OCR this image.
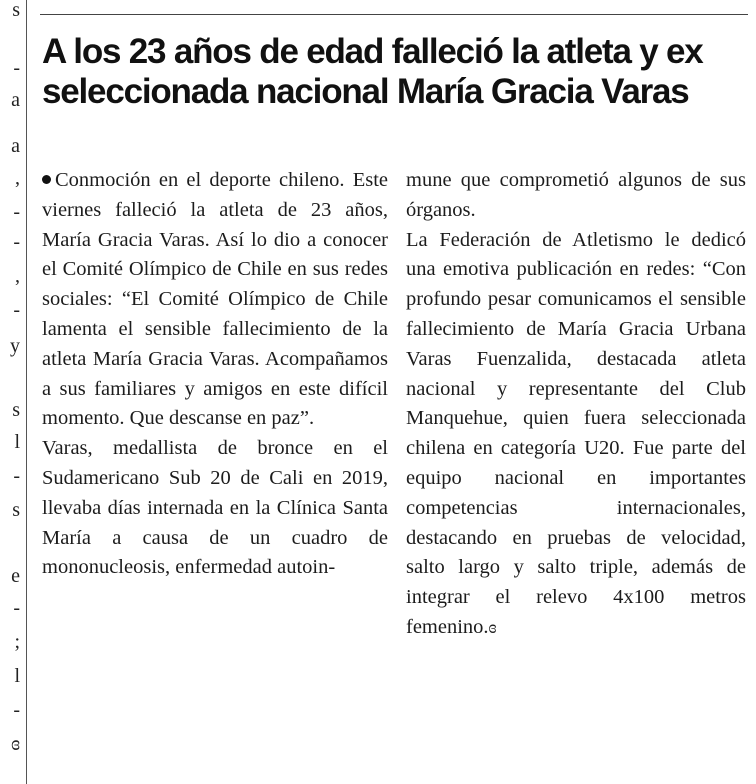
s
-
a
a
,
-
-
,
-
y
s
l
-
s
e
-
;
l
-
ɞ
A los 23 años de edad falleció la atleta y ex seleccionada nacional María Gracia Varas

Conmoción en el deporte chileno. Este viernes falleció la atleta de 23 años, María Gracia Varas. Así lo dio a conocer el Comité Olímpico de Chile en sus redes sociales: “El Comité Olímpico de Chile lamenta el sensible fallecimiento de la atleta María Gracia Varas. Acompañamos a sus familiares y amigos en este difícil momento. Que descanse en paz”.

Varas, medallista de bronce en el Sudamericano Sub 20 de Cali en 2019, llevaba días internada en la Clínica Santa María a causa de un cuadro de mononucleosis, enfermedad autoin-

mune que comprometió algunos de sus órganos.

La Federación de Atletismo le dedicó una emotiva publicación en redes: “Con profundo pesar comunicamos el sensible fallecimiento de María Gracia Urbana Varas Fuenzalida, destacada atleta nacional y representante del Club Manquehue, quien fuera seleccionada chilena en categoría U20. Fue parte del equipo nacional en importantes competencias internacionales, destacando en pruebas de velocidad, salto largo y salto triple, además de integrar el relevo 4x100 metros femenino.ɞ
